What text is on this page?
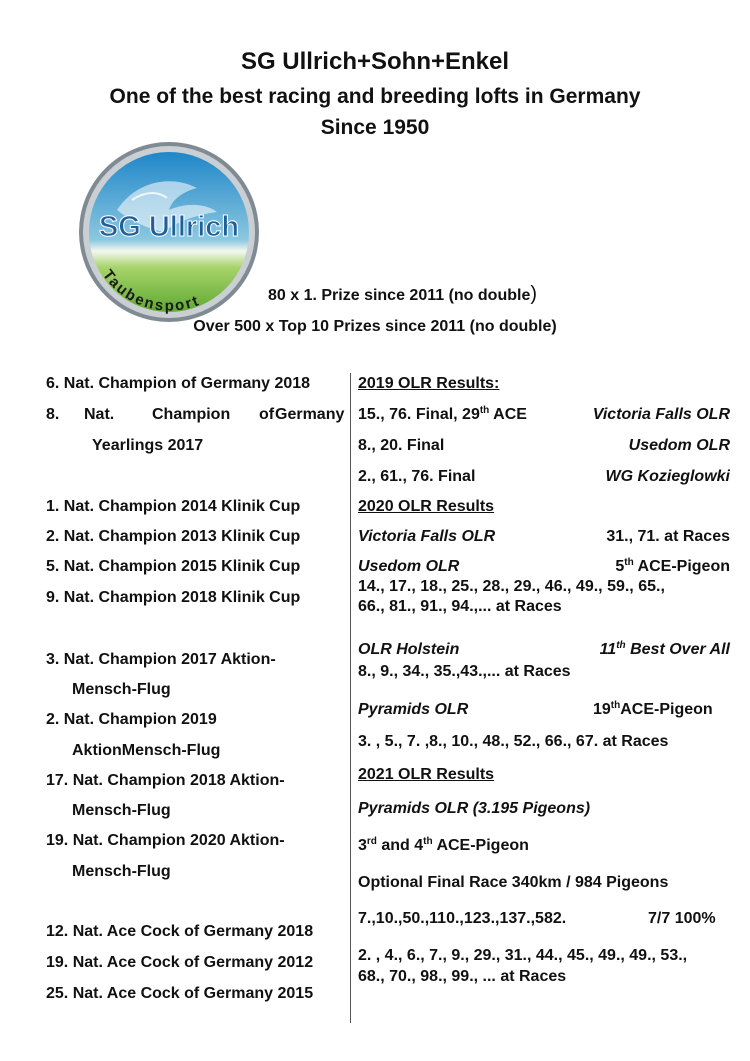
SG Ullrich+Sohn+Enkel
One of the best racing and breeding lofts in Germany
Since 1950
SG Ullrich
Taubensport	80 x 1. Prize since 2011 (no double)
Over 500 x Top 10 Prizes since 2011 (no double)
6. Nat. Champion of Germany 2018
8. Nat. Champion of Germany
Yearlings 2017
1. Nat. Champion 2014 Klinik Cup
2. Nat. Champion 2013 Klinik Cup
5. Nat. Champion 2015 Klinik Cup
9. Nat. Champion 2018 Klinik Cup
3. Nat. Champion 2017 Aktion-
Mensch-Flug
2. Nat. Champion 2019
AktionMensch-Flug
17. Nat. Champion 2018 Aktion-
Mensch-Flug
19. Nat. Champion 2020 Aktion-
Mensch-Flug
12. Nat. Ace Cock of Germany 2018
19. Nat. Ace Cock of Germany 2012
25. Nat. Ace Cock of Germany 2015
2019 OLR Results:
15., 76. Final, 29th ACE	Victoria Falls OLR
8., 20. Final	Usedom OLR
2., 61., 76. Final	WG Kozieglowki
2020 OLR Results
Victoria Falls OLR	31., 71. at Races
Usedom OLR	5th ACE-Pigeon
14., 17., 18., 25., 28., 29., 46., 49., 59., 65.,
66., 81., 91., 94.,... at Races
OLR Holstein	11th Best Over All
8., 9., 34., 35.,43.,... at Races
Pyramids OLR	19thACE-Pigeon
3. , 5., 7. ,8., 10., 48., 52., 66., 67. at Races
2021 OLR Results
Pyramids OLR (3.195 Pigeons)
3rd and 4th ACE-Pigeon
Optional Final Race 340km / 984 Pigeons
7.,10.,50.,110.,123.,137.,582.	7/7 100%
2. , 4., 6., 7., 9., 29., 31., 44., 45., 49., 49., 53.,
68., 70., 98., 99., ... at Races
